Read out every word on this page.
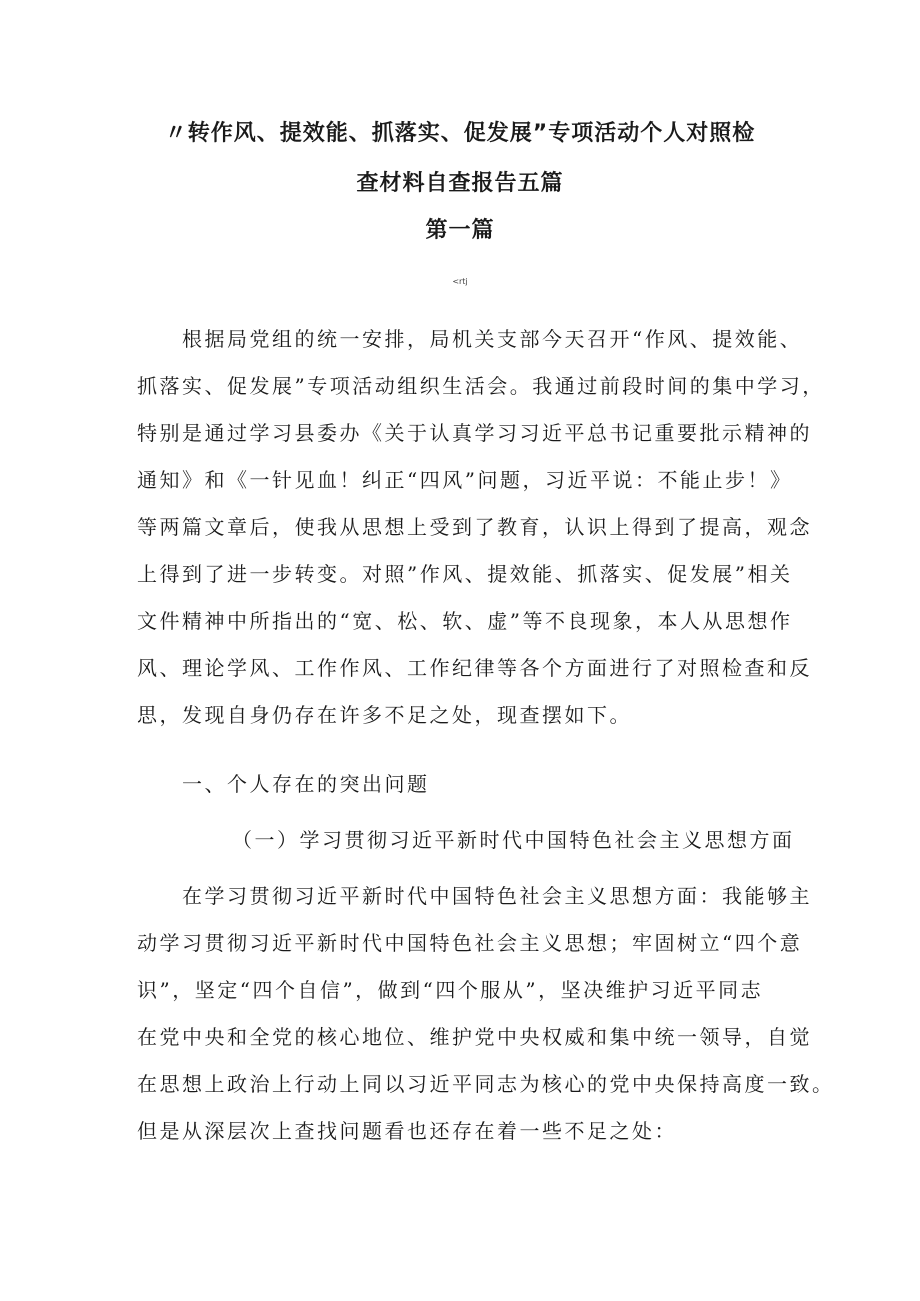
〃转作风、提效能、抓落实、促发展”专项活动个人对照检
查材料自查报告五篇
第一篇
<rtj
根据局党组的统一安排，局机关支部今天召开“作风、提效能、
抓落实、促发展”专项活动组织生活会。我通过前段时间的集中学习，
特别是通过学习县委办《关于认真学习习近平总书记重要批示精神的
通知》和《一针见血！纠正“四风”问题，习近平说：不能止步！》
等两篇文章后，使我从思想上受到了教育，认识上得到了提高，观念
上得到了进一步转变。对照”作风、提效能、抓落实、促发展”相关
文件精神中所指出的“宽、松、软、虚”等不良现象，本人从思想作
风、理论学风、工作作风、工作纪律等各个方面进行了对照检查和反
思，发现自身仍存在许多不足之处，现查摆如下。
一、个人存在的突出问题
（一）学习贯彻习近平新时代中国特色社会主义思想方面
在学习贯彻习近平新时代中国特色社会主义思想方面：我能够主
动学习贯彻习近平新时代中国特色社会主义思想；牢固树立“四个意
识”，坚定“四个自信”，做到“四个服从”，坚决维护习近平同志
在党中央和全党的核心地位、维护党中央权威和集中统一领导，自觉
在思想上政治上行动上同以习近平同志为核心的党中央保持高度一致。
但是从深层次上查找问题看也还存在着一些不足之处：
